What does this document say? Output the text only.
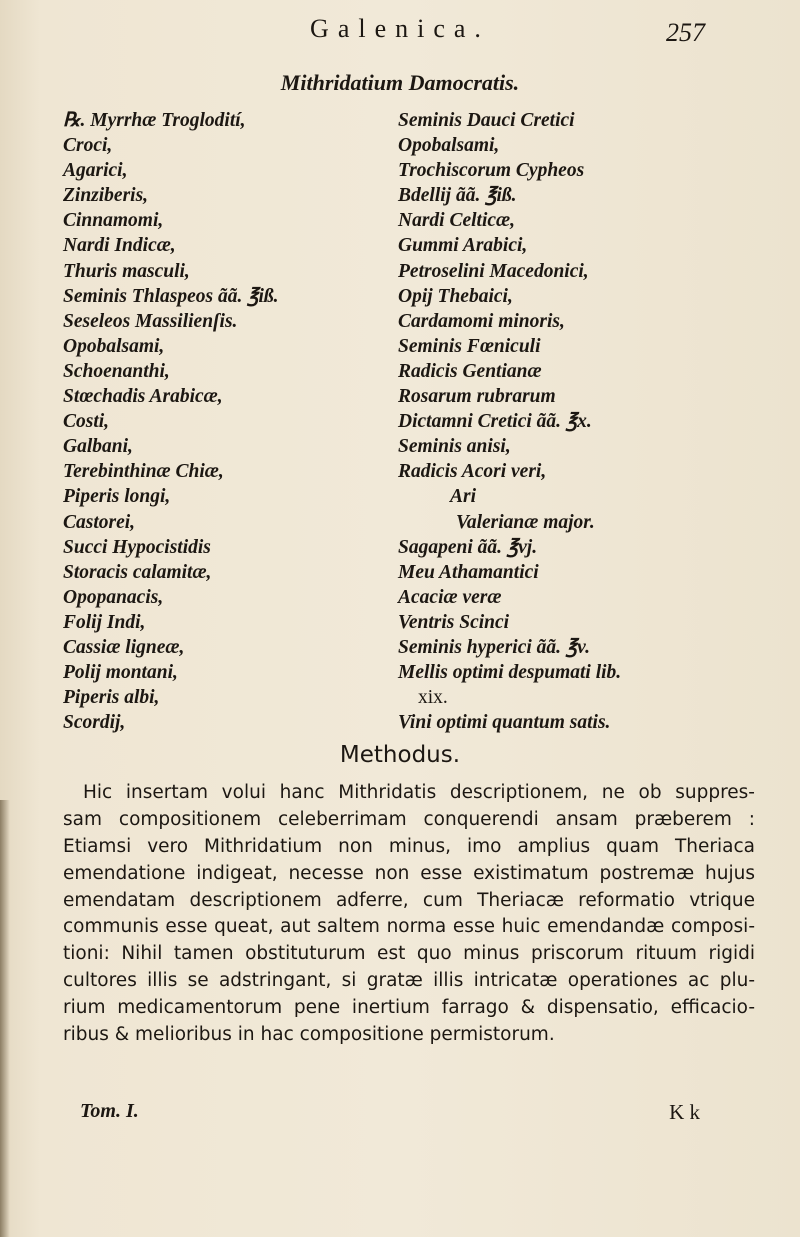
Galenica.	257
Mithridatium Damocratis.
℞. Myrrhæ Troglodití,
Croci,
Agarici,
Zinziberis,
Cinnamomi,
Nardi Indicæ,
Thuris masculi,
Seminis Thlaspeos ãã. ℥iß.
Seseleos Massilienſis.
Opobalsami,
Schoenanthi,
Stœchadis Arabicæ,
Costi,
Galbani,
Terebinthinæ Chiæ,
Piperis longi,
Castorei,
Succi Hypocistidis
Storacis calamitæ,
Opopanacis,
Folij Indi,
Cassiæ ligneæ,
Polij montani,
Piperis albi,
Scordij,
Seminis Dauci Cretici
Opobalsami,
Trochiscorum Cypheos
Bdellij ãã. ℥iß.
Nardi Celticæ,
Gummi Arabici,
Petroselini Macedonici,
Opij Thebaici,
Cardamomi minoris,
Seminis Fœniculi
Radicis Gentianæ
Rosarum rubrarum
Dictamni Cretici ãã. ℥x.
Seminis anisi,
Radicis Acori veri,
Ari
Valerianæ major.
Sagapeni ãã. ℥vj.
Meu Athamantici
Acaciæ veræ
Ventris Scinci
Seminis hyperici ãã. ℥v.
Mellis optimi despumati lib.
xix.
Vini optimi quantum satis.
Methodus.
Hic insertam volui hanc Mithridatis descriptionem, ne ob suppres-
sam compositionem celeberrimam conquerendi ansam præberem :
Etiamsi vero Mithridatium non minus, imo amplius quam Theriaca
emendatione indigeat, necesse non esse existimatum postremæ hujus
emendatam descriptionem adferre, cum Theriacæ reformatio vtrique
communis esse queat, aut saltem norma esse huic emendandæ composi-
tioni: Nihil tamen obstituturum est quo minus priscorum rituum rigidi
cultores illis se adstringant, si gratæ illis intricatæ operationes ac plu-
rium medicamentorum pene inertium farrago & dispensatio, efficacio-
ribus & melioribus in hac compositione permistorum.
Tom. I.	K k
